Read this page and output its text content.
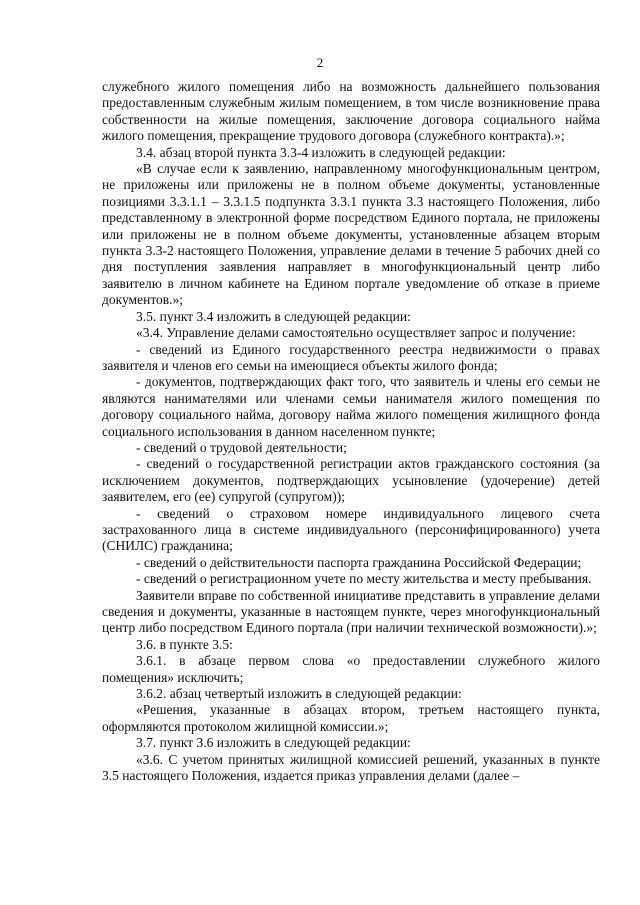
2

служебного жилого помещения либо на возможность дальнейшего пользования предоставленным служебным жилым помещением, в том числе возникновение права собственности на жилые помещения, заключение договора социального найма жилого помещения, прекращение трудового договора (служебного контракта).»;

3.4. абзац второй пункта 3.3-4 изложить в следующей редакции:

«В случае если к заявлению, направленному многофункциональным центром, не приложены или приложены не в полном объеме документы, установленные позициями 3.3.1.1 – 3.3.1.5 подпункта 3.3.1 пункта 3.3 настоящего Положения, либо представленному в электронной форме посредством Единого портала, не приложены или приложены не в полном объеме документы, установленные абзацем вторым пункта 3.3-2 настоящего Положения, управление делами в течение 5 рабочих дней со дня поступления заявления направляет в многофункциональный центр либо заявителю в личном кабинете на Едином портале уведомление об отказе в приеме документов.»;

3.5. пункт 3.4 изложить в следующей редакции:

«3.4. Управление делами самостоятельно осуществляет запрос и получение:

- сведений из Единого государственного реестра недвижимости о правах заявителя и членов его семьи на имеющиеся объекты жилого фонда;

- документов, подтверждающих факт того, что заявитель и члены его семьи не являются нанимателями или членами семьи нанимателя жилого помещения по договору социального найма, договору найма жилого помещения жилищного фонда социального использования в данном населенном пункте;

- сведений о трудовой деятельности;

- сведений о государственной регистрации актов гражданского состояния (за исключением документов, подтверждающих усыновление (удочерение) детей заявителем, его (ее) супругой (супругом));

- сведений о страховом номере индивидуального лицевого счета застрахованного лица в системе индивидуального (персонифицированного) учета (СНИЛС) гражданина;

- сведений о действительности паспорта гражданина Российской Федерации;

- сведений о регистрационном учете по месту жительства и месту пребывания.

Заявители вправе по собственной инициативе представить в управление делами сведения и документы, указанные в настоящем пункте, через многофункциональный центр либо посредством Единого портала (при наличии технической возможности).»;

3.6. в пункте 3.5:

3.6.1. в абзаце первом слова «о предоставлении служебного жилого помещения» исключить;

3.6.2. абзац четвертый изложить в следующей редакции:

«Решения, указанные в абзацах втором, третьем настоящего пункта, оформляются протоколом жилищной комиссии.»;

3.7. пункт 3.6 изложить в следующей редакции:

«3.6. С учетом принятых жилищной комиссией решений, указанных в пункте 3.5 настоящего Положения, издается приказ управления делами (далее –
